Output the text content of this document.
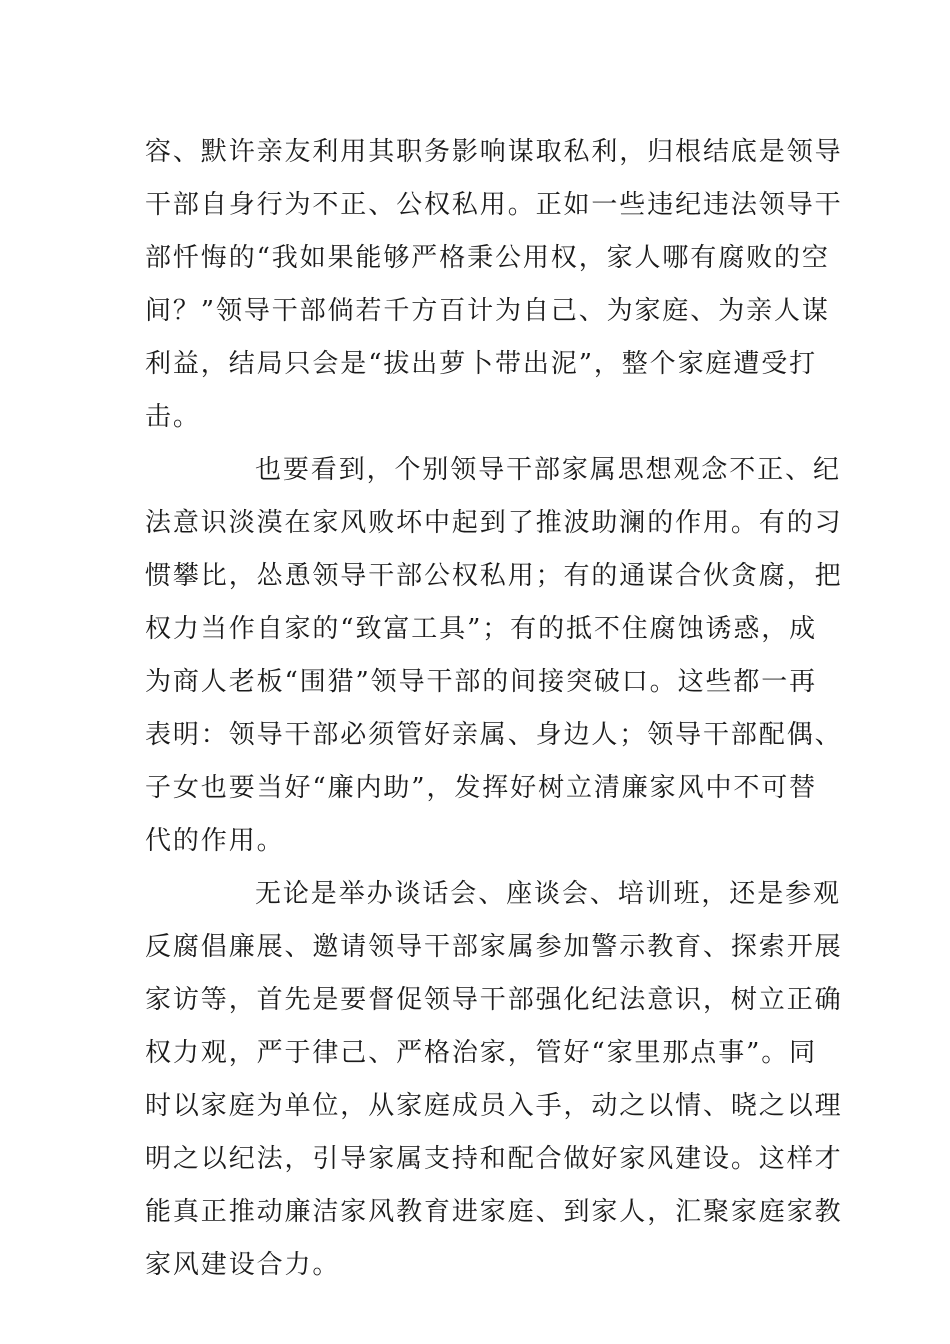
容、默许亲友利用其职务影响谋取私利，归根结底是领导
干部自身行为不正、公权私用。正如一些违纪违法领导干
部忏悔的“我如果能够严格秉公用权，家人哪有腐败的空
间？”领导干部倘若千方百计为自己、为家庭、为亲人谋
利益，结局只会是“拔出萝卜带出泥”，整个家庭遭受打
击。

也要看到，个别领导干部家属思想观念不正、纪
法意识淡漠在家风败坏中起到了推波助澜的作用。有的习
惯攀比，怂恿领导干部公权私用；有的通谋合伙贪腐，把
权力当作自家的“致富工具”；有的抵不住腐蚀诱惑，成
为商人老板“围猎”领导干部的间接突破口。这些都一再
表明：领导干部必须管好亲属、身边人；领导干部配偶、
子女也要当好“廉内助”，发挥好树立清廉家风中不可替
代的作用。

无论是举办谈话会、座谈会、培训班，还是参观
反腐倡廉展、邀请领导干部家属参加警示教育、探索开展
家访等，首先是要督促领导干部强化纪法意识，树立正确
权力观，严于律己、严格治家，管好“家里那点事”。同
时以家庭为单位，从家庭成员入手，动之以情、晓之以理
明之以纪法，引导家属支持和配合做好家风建设。这样才
能真正推动廉洁家风教育进家庭、到家人，汇聚家庭家教
家风建设合力。
